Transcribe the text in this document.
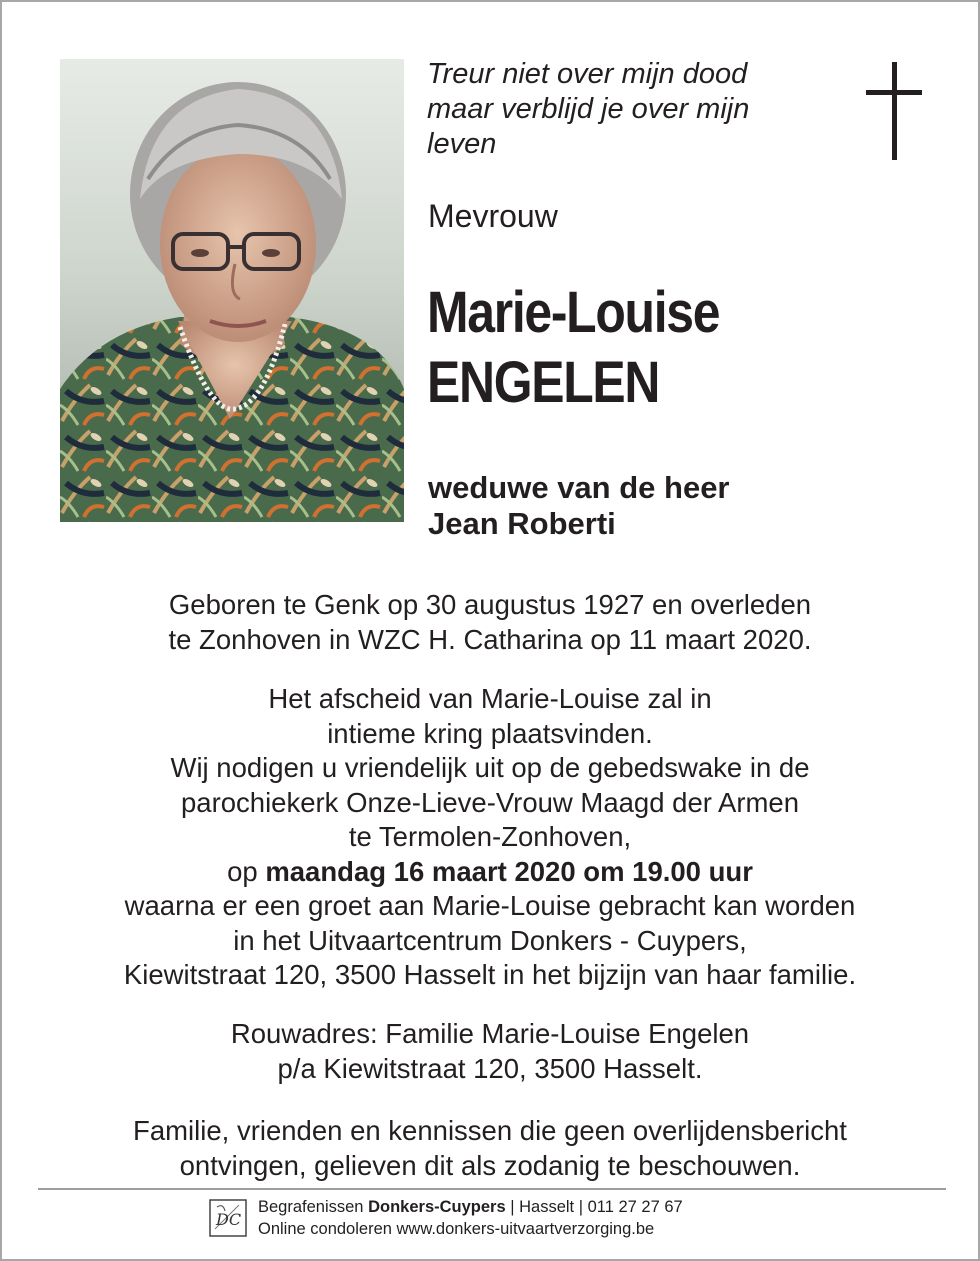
Treur niet over mijn dood
maar verblijd je over mijn
leven
Mevrouw
Marie-Louise
ENGELEN
weduwe van de heer
Jean Roberti
Geboren te Genk op 30 augustus 1927 en overleden
te Zonhoven in WZC H. Catharina op 11 maart 2020.
Het afscheid van Marie-Louise zal in
intieme kring plaatsvinden.
Wij nodigen u vriendelijk uit op de gebedswake in de
parochiekerk Onze-Lieve-Vrouw Maagd der Armen
te Termolen-Zonhoven,
op maandag 16 maart 2020 om 19.00 uur
waarna er een groet aan Marie-Louise gebracht kan worden
in het Uitvaartcentrum Donkers - Cuypers,
Kiewitstraat 120, 3500 Hasselt in het bijzijn van haar familie.
Rouwadres: Familie Marie-Louise Engelen
p/a Kiewitstraat 120, 3500 Hasselt.
Familie, vrienden en kennissen die geen overlijdensbericht
ontvingen, gelieven dit als zodanig te beschouwen.
DC
Begrafenissen Donkers-Cuypers | Hasselt | 011 27 27 67
Online condoleren www.donkers-uitvaartverzorging.be
